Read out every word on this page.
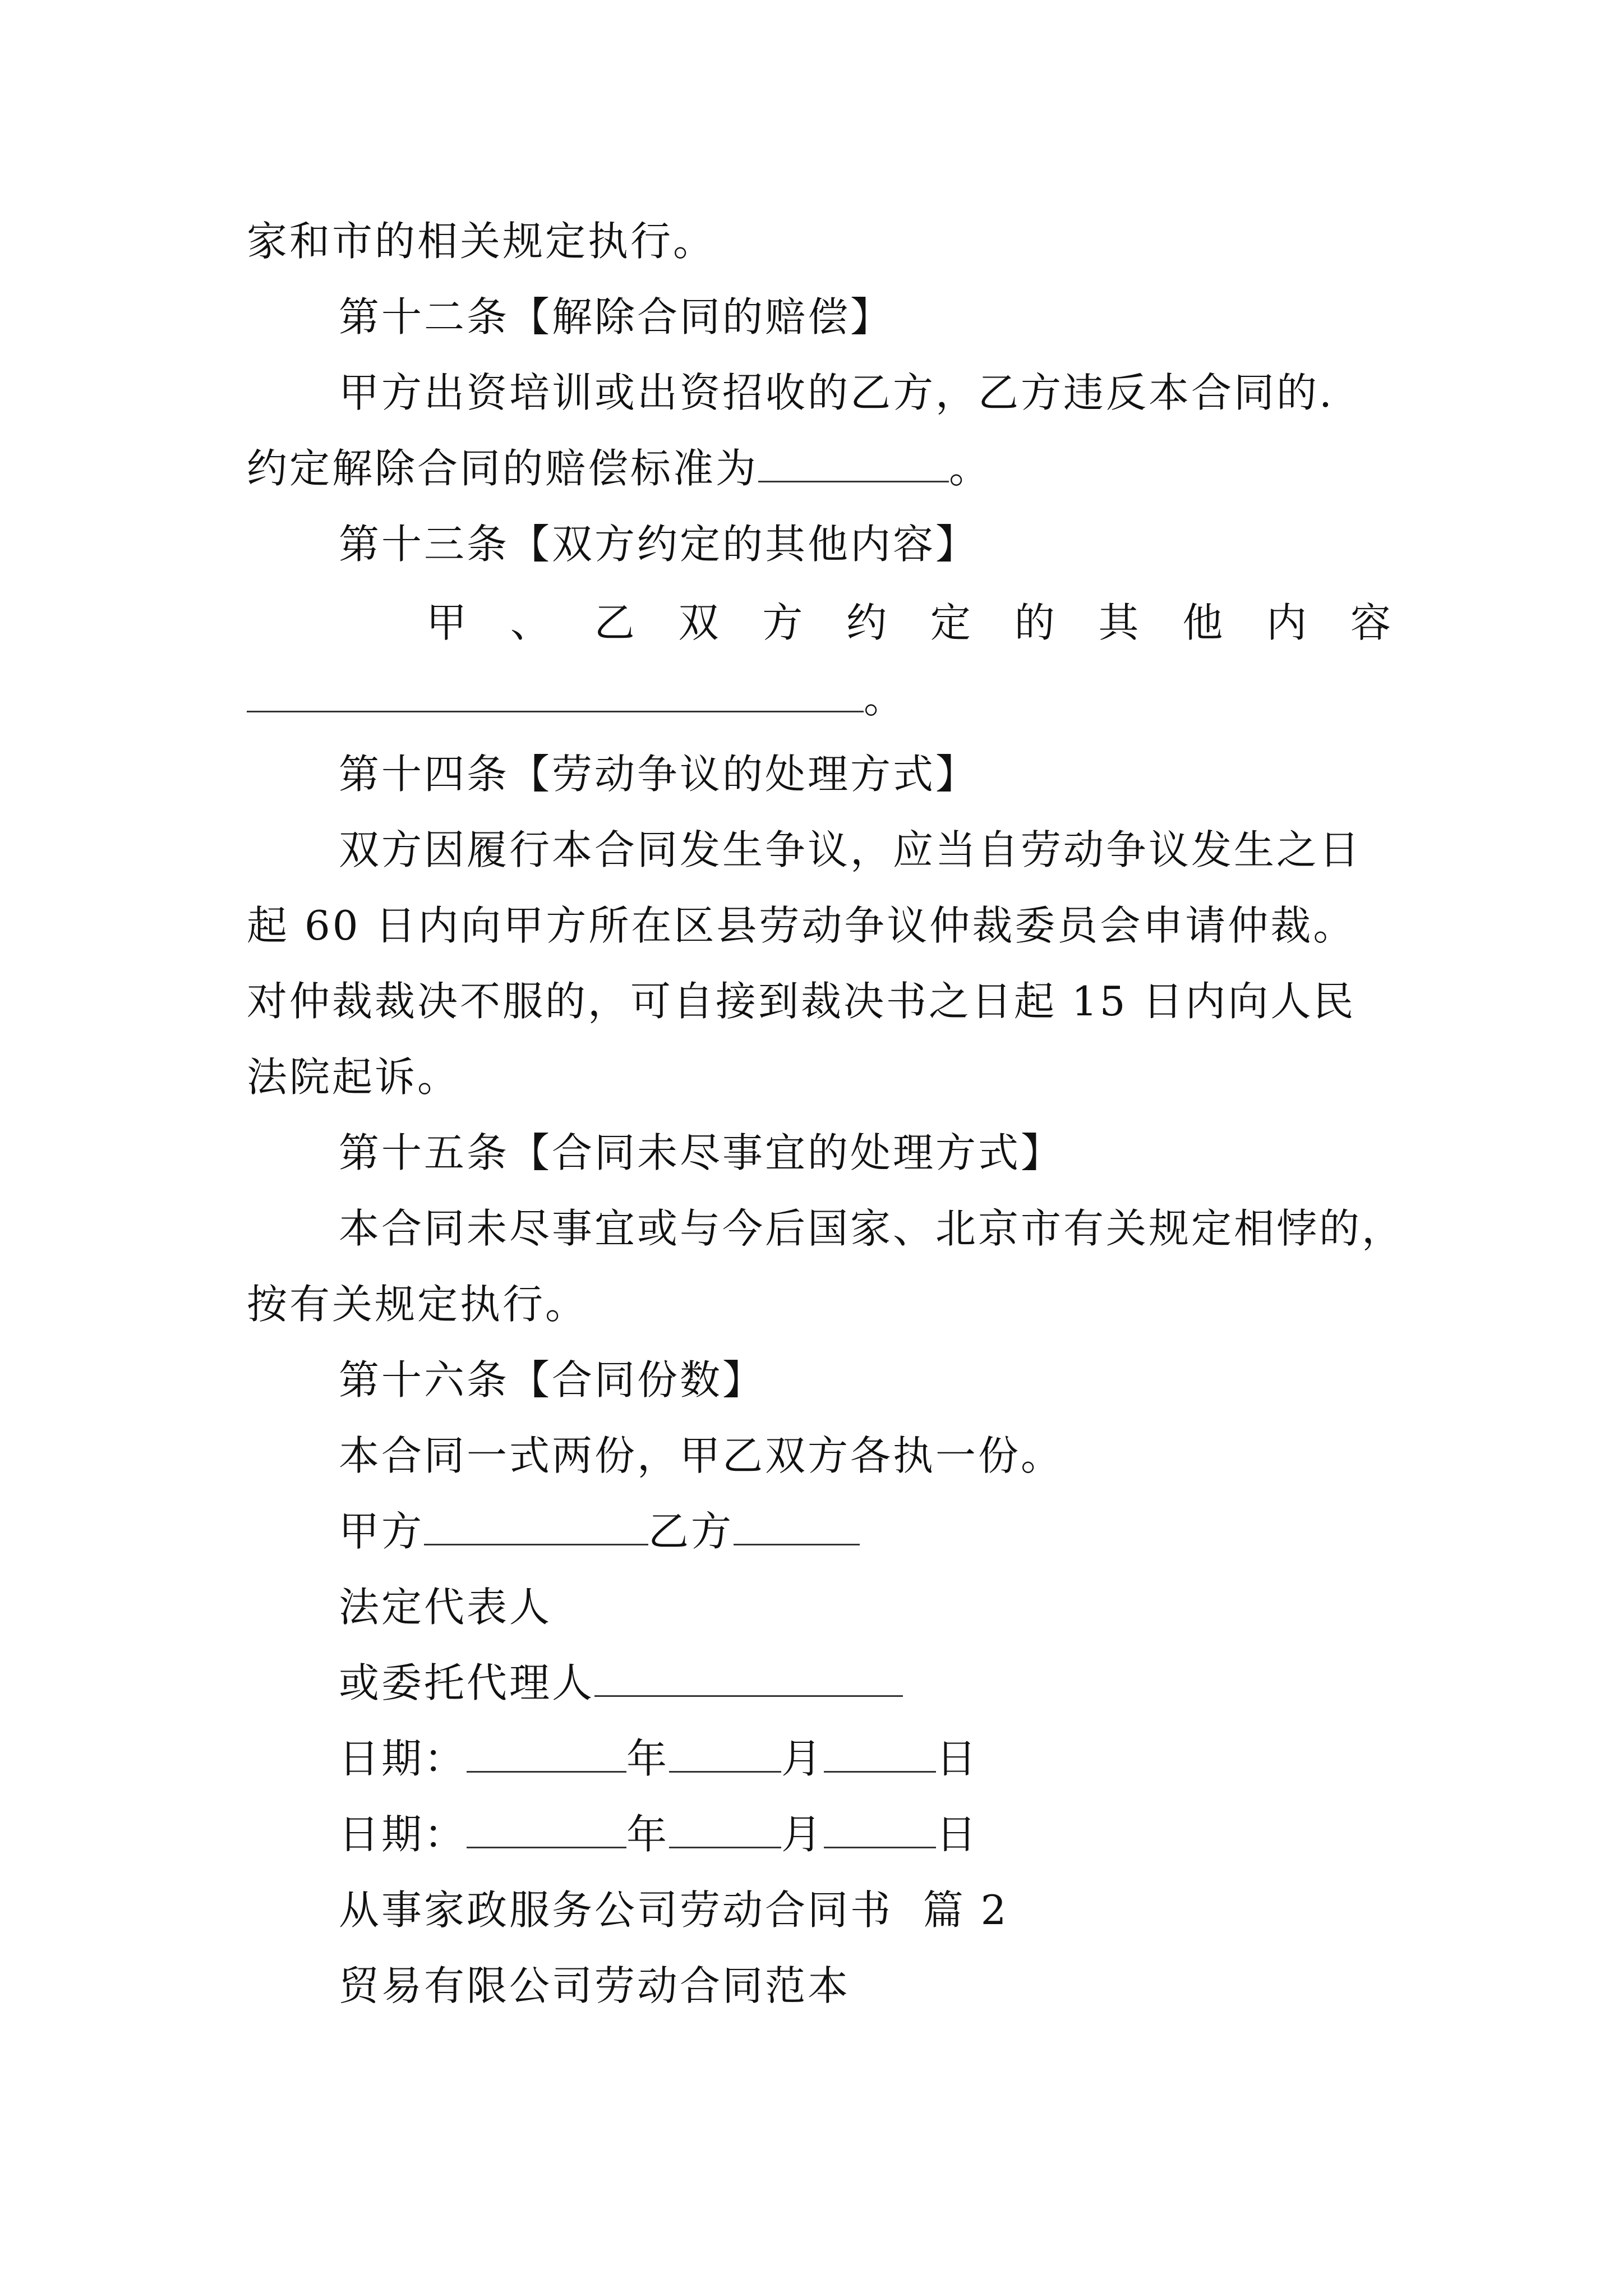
家和市的相关规定执行。
第十二条【解除合同的赔偿】
甲方出资培训或出资招收的乙方，乙方违反本合同的.
约定解除合同的赔偿标准为	。
第十三条【双方约定的其他内容】
甲 、 乙 双 方 约 定 的 其 他 内 容
。
第十四条【劳动争议的处理方式】
双方因履行本合同发生争议，应当自劳动争议发生之日
起 60 日内向甲方所在区县劳动争议仲裁委员会申请仲裁。
对仲裁裁决不服的，可自接到裁决书之日起 15 日内向人民
法院起诉。
第十五条【合同未尽事宜的处理方式】
本合同未尽事宜或与今后国家、北京市有关规定相悖的，
按有关规定执行。
第十六条【合同份数】
本合同一式两份，甲乙双方各执一份。
甲方	乙方
法定代表人
或委托代理人
日期：	年	月	日
日期：	年	月	日
从事家政服务公司劳动合同书  篇 2
贸易有限公司劳动合同范本
